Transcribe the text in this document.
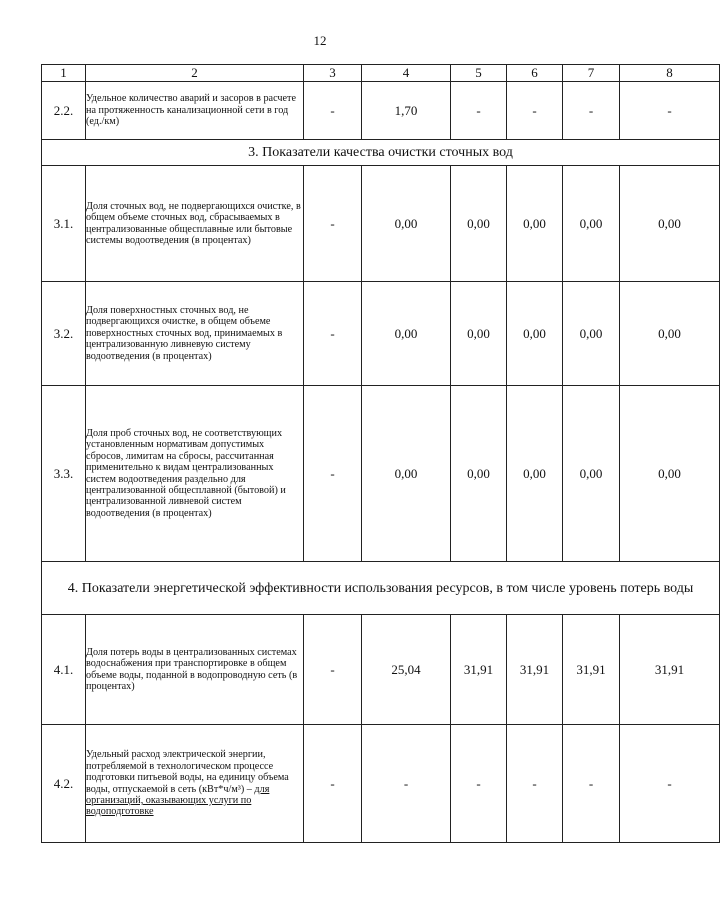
12
1	2	3	4	5	6	7	8
2.2.	Удельное количество аварий и засоров в расчете на протяженность канализационной сети в год (ед./км)	-	1,70	-	-	-	-
3. Показатели качества очистки сточных вод							
3.1.	Доля сточных вод, не подвергающихся очистке, в общем объеме сточных вод, сбрасываемых в централизованные общесплавные или бытовые системы водоотведения (в процентах)	-	0,00	0,00	0,00	0,00	0,00
3.2.	Доля поверхностных сточных вод, не подвергающихся очистке, в общем объеме поверхностных сточных вод, принимаемых в централизованную ливневую систему водоотведения (в процентах)	-	0,00	0,00	0,00	0,00	0,00
3.3.	Доля проб сточных вод, не соответствующих установленным нормативам допустимых сбросов, лимитам на сбросы, рассчитанная применительно к видам централизованных систем водоотведения раздельно для централизованной общесплавной (бытовой) и централизованной ливневой систем водоотведения (в процентах)	-	0,00	0,00	0,00	0,00	0,00
4. Показатели энергетической эффективности использования ресурсов, в том числе уровень потерь воды							
4.1.	Доля потерь воды в централизованных системах водоснабжения при транспортировке в общем объеме воды, поданной в водопроводную сеть (в процентах)	-	25,04	31,91	31,91	31,91	31,91
4.2.	Удельный расход электрической энергии, потребляемой в технологическом процессе подготовки питьевой воды, на единицу объема воды, отпускаемой в сеть (кВт*ч/м³) – для организаций, оказывающих услуги по водоподготовке	-	-	-	-	-	-
